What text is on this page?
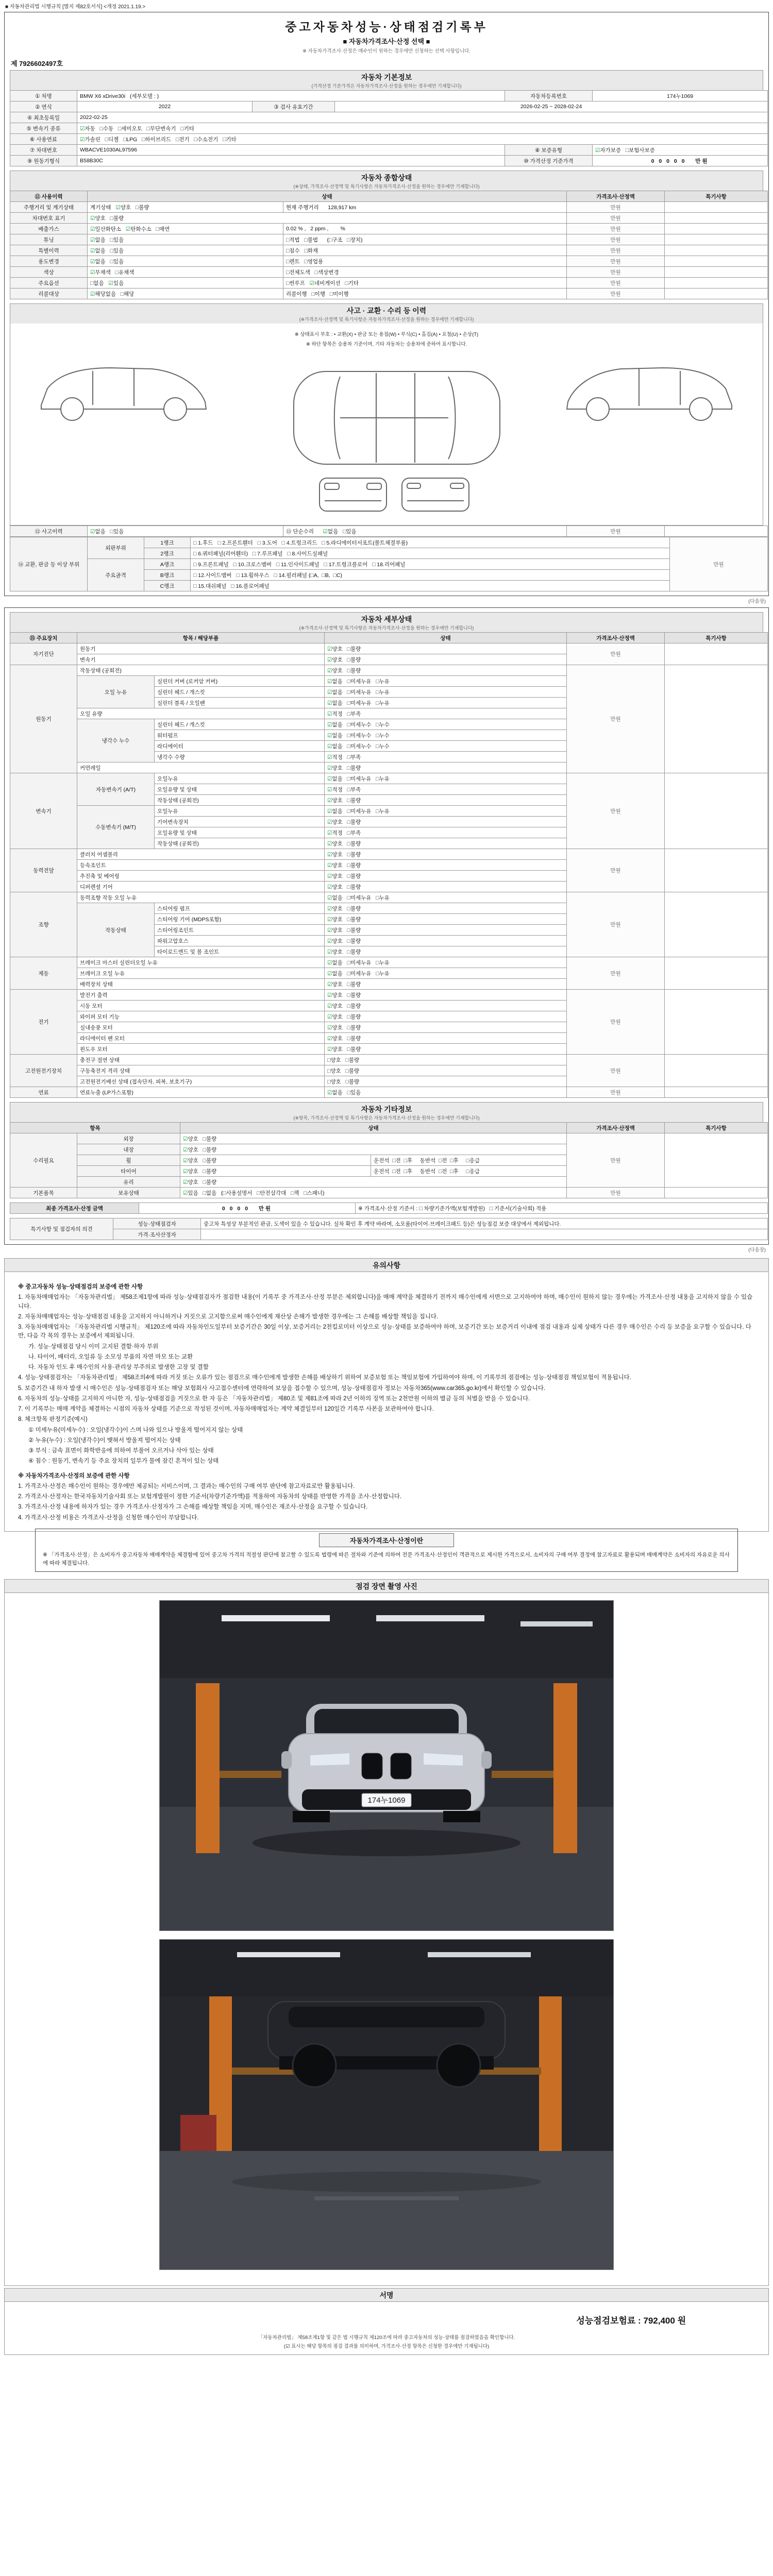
■ 자동차관리법 시행규칙 [별지 제82호서식] <개정 2021.1.19.>
중고자동차성능·상태점검기록부
■ 자동차가격조사·산정 선택 ■
※ 자동차가격조사·산정은 매수인이 원하는 경우에만 신청하는 선택 사항입니다.
제 7926602497호
자동차 기본정보
(가격산정 기준가격은 자동차가격조사·산정을 원하는 경우에만 기재합니다)
① 차명	BMW X6 xDrive30i   (세부모델 : )			자동차등록번호	174누1069
② 연식	2022	③ 검사 유효기간	2026-02-25 ~ 2028-02-24		
④ 최초등록일	2022-02-25				
⑤ 변속기 종류	☑자동   □수동   □세미오토   □무단변속기   □기타				
⑥ 사용연료	☑가솔린   □디젤   □LPG   □하이브리드   □전기   □수소전기   □기타				
⑦ 차대번호	WBACVE1030AL97596			⑧ 보증유형	☑자가보증   □보험사보증
⑨ 원동기형식	B58B30C			⑩ 가격산정 기준가격	0 0 0 0 0   만원
자동차 종합상태
(※상태, 가격조사·산정액 및 특기사항은 자동차가격조사·산정을 원하는 경우에만 기재합니다)
⑪ 사용이력	상태		가격조사·산정액	특기사항
주행거리 및 계기상태	계기상태   ☑양호   □불량	현재 주행거리      128,917 km	만원	
차대번호 표기	☑양호   □불량		만원	
배출가스	☑일산화탄소   ☑탄화수소   □매연	0.02 % ,   2 ppm ,        %	만원	
튜닝	☑없음   □있음	□적법   □불법      (□구조   □장치)	만원	
특별이력	☑없음   □있음	□침수   □화재	만원	
용도변경	☑없음   □있음	□렌트   □영업용	만원	
색상	☑무채색   □유채색	□전체도색   □색상변경	만원	
주요옵션	□없음   ☑있음	□썬루프   ☑네비게이션   □기타	만원	
리콜대상	☑해당없음   □해당	리콜이행   □이행   □미이행	만원	
사고 · 교환 · 수리 등 이력
(※가격조사·산정액 및 특기사항은 자동차가격조사·산정을 원하는 경우에만 기재합니다)
※ 상태표시 부호 : • 교환(X) • 판금 또는 용접(W) • 부식(C) • 흠집(A) • 요철(U) • 손상(T)
※ 하단 항목은 승용차 기준이며, 기타 자동차는 승용차에 준하여 표시합니다.
⑫ 사고이력	☑없음   □있음	⑬ 단순수리      ☑없음   □있음	만원	
⑭ 교환, 판금 등 이상 부위	외판부위	1랭크	□ 1.후드   □ 2.프론트휀더   □ 3.도어   □ 4.트렁크리드   □ 5.라디에이터서포트(볼트체결부품)	만원
		2랭크	□ 6.쿼터패널(리어휀더)   □ 7.루프패널   □ 8.사이드실패널	
	주요골격	A랭크	□ 9.프론트패널   □ 10.크로스멤버   □ 11.인사이드패널   □ 17.트렁크플로어   □ 18.리어패널	
		B랭크	□ 12.사이드멤버   □ 13.휠하우스   □ 14.필러패널 (□A,  □B,  □C)	
		C랭크	□ 15.대쉬패널   □ 16.플로어패널	
(다음장)
자동차 세부상태
(※가격조사·산정액 및 특기사항은 자동차가격조사·산정을 원하는 경우에만 기재합니다)
⑮ 주요장치	항목 / 해당부품		상태	가격조사·산정액	특기사항
자기진단	원동기		☑양호   □불량	만원	
	변속기		☑양호   □불량		
원동기	작동상태 (공회전)		☑양호   □불량	만원	
	오일 누유	실린더 커버 (로커암 커버)	☑없음   □미세누유   □누유		
		실린더 헤드 / 개스킷	☑없음   □미세누유   □누유		
		실린더 블록 / 오일팬	☑없음   □미세누유   □누유		
	오일 유량		☑적정   □부족		
	냉각수 누수	실린더 헤드 / 개스킷	☑없음   □미세누수   □누수		
		워터펌프	☑없음   □미세누수   □누수		
		라디에이터	☑없음   □미세누수   □누수		
		냉각수 수량	☑적정   □부족		
	커먼레일		☑양호   □불량		
변속기	자동변속기 (A/T)	오일누유	☑없음   □미세누유   □누유	만원	
		오일유량 및 상태	☑적정   □부족		
		작동상태 (공회전)	☑양호   □불량		
	수동변속기 (M/T)	오일누유	☑없음   □미세누유   □누유		
		기어변속장치	☑양호   □불량		
		오일유량 및 상태	☑적정   □부족		
		작동상태 (공회전)	☑양호   □불량		
동력전달	클러치 어셈블리		☑양호   □불량	만원	
	등속조인트		☑양호   □불량		
	추진축 및 베어링		☑양호   □불량		
	디퍼렌셜 기어		☑양호   □불량		
조향	동력조향 작동 오일 누유		☑없음   □미세누유   □누유	만원	
	작동상태	스티어링 펌프	☑양호   □불량		
		스티어링 기어 (MDPS포함)	☑양호   □불량		
		스티어링조인트	☑양호   □불량		
		파워고압호스	☑양호   □불량		
		타이로드엔드 및 볼 조인트	☑양호   □불량		
제동	브레이크 마스터 실린더오일 누유		☑없음   □미세누유   □누유	만원	
	브레이크 오일 누유		☑없음   □미세누유   □누유		
	배력장치 상태		☑양호   □불량		
전기	발전기 출력		☑양호   □불량	만원	
	시동 모터		☑양호   □불량		
	와이퍼 모터 기능		☑양호   □불량		
	실내송풍 모터		☑양호   □불량		
	라디에이터 팬 모터		☑양호   □불량		
	윈도우 모터		☑양호   □불량		
고전원전기장치	충전구 절연 상태		□양호   □불량	만원	
	구동축전지 격리 상태		□양호   □불량		
	고전원전기배선 상태 (접속단자, 피복, 보호기구)		□양호   □불량		
연료	연료누출 (LP가스포함)		☑없음   □있음	만원	
자동차 기타정보
(※항목, 가격조사·산정액 및 특기사항은 자동차가격조사·산정을 원하는 경우에만 기재합니다)
항목		상태		가격조사·산정액	특기사항
수리필요	외장	☑양호   □불량		만원	
	내장	☑양호   □불량			
	휠	☑양호   □불량	운전석  □전  □후     동반석  □전  □후     □응급		
	타이어	☑양호   □불량	운전석  □전  □후     동반석  □전  □후     □응급		
	유리	☑양호   □불량			
기본품목	보유상태	☑있음   □없음   (□사용설명서   □안전삼각대   □잭   □스패너)		만원	
최종 가격조사·산정 금액	0 0 0 0   만원	※ 가격조사·산정 기준서 : □ 차량기준가액(보험개발원)   □ 기준서(기술사회) 적용
특기사항 및 점검자의 의견	성능·상태점검자	중고차 특성상 부분적인 판금, 도색이 있을 수 있습니다. 실차 확인 후 계약 바라며, 소모품(타이어·브레이크패드 등)은 성능점검 보증 대상에서 제외됩니다.
	가격·조사산정자	
(다음장)
유의사항
※ 중고자동차 성능·상태점검의 보증에 관한 사항
1. 자동차매매업자는 「자동차관리법」 제58조제1항에 따라 성능·상태점검자가 점검한 내용(이 기록부 중 가격조사·산정 부분은 제외합니다)을 매매 계약을 체결하기 전까지 매수인에게 서면으로 고지하여야 하며, 매수인이 원하지 않는 경우에는 가격조사·산정 내용을 고지하지 않을 수 있습니다.
2. 자동차매매업자는 성능·상태점검 내용을 고지하지 아니하거나 거짓으로 고지함으로써 매수인에게 재산상 손해가 발생한 경우에는 그 손해를 배상할 책임을 집니다.
3. 자동차매매업자는 「자동차관리법 시행규칙」 제120조에 따라 자동차인도일부터 보증기간은 30일 이상, 보증거리는 2천킬로미터 이상으로 성능·상태를 보증하여야 하며, 보증기간 또는 보증거리 이내에 점검 내용과 실제 상태가 다른 경우 매수인은 수리 등 보증을 요구할 수 있습니다. 다만, 다음 각 목의 경우는 보증에서 제외됩니다.
가. 성능·상태점검 당시 이미 고지된 결함·하자 부위
나. 타이어, 배터리, 오일류 등 소모성 부품의 자연 마모 또는 교환
다. 자동차 인도 후 매수인의 사용·관리상 부주의로 발생한 고장 및 결함
4. 성능·상태점검자는 「자동차관리법」 제58조의4에 따라 거짓 또는 오류가 있는 점검으로 매수인에게 발생한 손해를 배상하기 위하여 보증보험 또는 책임보험에 가입하여야 하며, 이 기록부의 점검에는 성능·상태점검 책임보험이 적용됩니다.
5. 보증기간 내 하자 발생 시 매수인은 성능·상태점검자 또는 해당 보험회사 사고접수센터에 연락하여 보상을 접수할 수 있으며, 성능·상태점검자 정보는 자동차365(www.car365.go.kr)에서 확인할 수 있습니다.
6. 자동차의 성능·상태를 고지하지 아니한 자, 성능·상태점검을 거짓으로 한 자 등은 「자동차관리법」 제80조 및 제81조에 따라 2년 이하의 징역 또는 2천만원 이하의 벌금 등의 처벌을 받을 수 있습니다.
7. 이 기록부는 매매 계약을 체결하는 시점의 자동차 상태를 기준으로 작성된 것이며, 자동차매매업자는 계약 체결일부터 120일간 기록부 사본을 보관하여야 합니다.
8. 체크항목 판정기준(예시)
① 미세누유(미세누수) : 오일(냉각수)이 스며 나와 있으나 방울져 떨어지지 않는 상태
② 누유(누수) : 오일(냉각수)이 맺혀서 방울져 떨어지는 상태
③ 부식 : 금속 표면이 화학반응에 의하여 부풀어 오르거나 삭아 있는 상태
④ 침수 : 원동기, 변속기 등 주요 장치의 일부가 물에 잠긴 흔적이 있는 상태
※ 자동차가격조사·산정의 보증에 관한 사항
1. 가격조사·산정은 매수인이 원하는 경우에만 제공되는 서비스이며, 그 결과는 매수인의 구매 여부 판단에 참고자료로만 활용됩니다.
2. 가격조사·산정자는 한국자동차기술사회 또는 보험개발원이 정한 기준서(차량기준가액)를 적용하여 자동차의 상태를 반영한 가격을 조사·산정합니다.
3. 가격조사·산정 내용에 하자가 있는 경우 가격조사·산정자가 그 손해를 배상할 책임을 지며, 매수인은 재조사·산정을 요구할 수 있습니다.
4. 가격조사·산정 비용은 가격조사·산정을 신청한 매수인이 부담합니다.
자동차가격조사·산정이란
※ 「가격조사·산정」은 소비자가 중고자동차 매매계약을 체결함에 있어 중고차 가격의 적절성 판단에 참고할 수 있도록 법령에 따른 절차와 기준에 의하여 전문 가격조사·산정인이 객관적으로 제시한 가격으로서, 소비자의 구매 여부 결정에 참고자료로 활용되며 매매계약은 소비자의 자유로운 의사에 따라 체결됩니다.
점검 장면 촬영 사진
174누1069
서명
성능점검보험료 : 792,400 원
「자동차관리법」 제58조제1항 및 같은 법 시행규칙 제120조에 따라 중고자동차의 성능·상태를 점검하였음을 확인합니다.
(☑ 표시는 해당 항목의 점검 결과를 의미하며, 가격조사·산정 항목은 신청한 경우에만 기재됩니다)
